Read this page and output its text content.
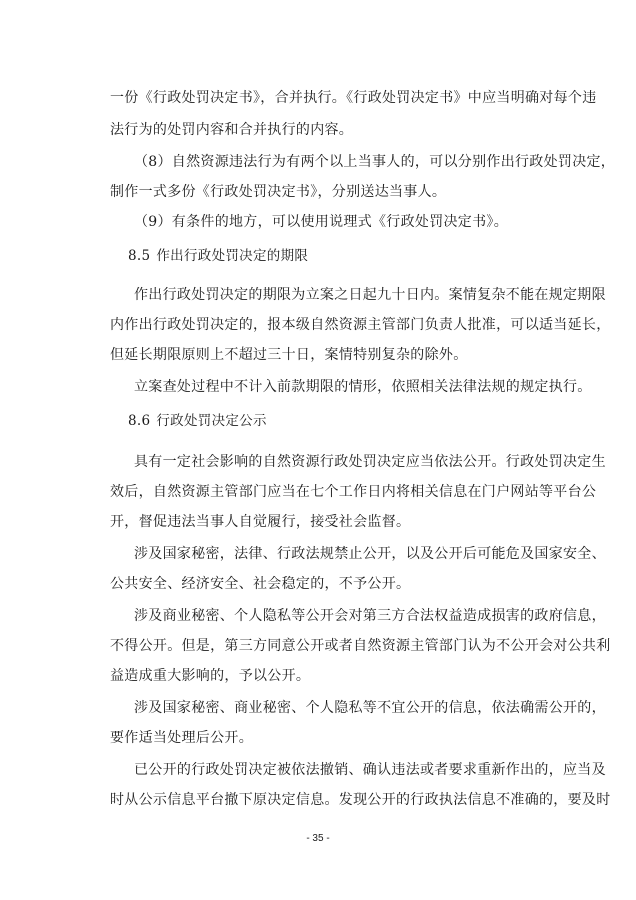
一份《行政处罚决定书》，合并执行。《行政处罚决定书》中应当明确对每个违
法行为的处罚内容和合并执行的内容。
（8）自然资源违法行为有两个以上当事人的，可以分别作出行政处罚决定，
制作一式多份《行政处罚决定书》，分别送达当事人。
（9）有条件的地方，可以使用说理式《行政处罚决定书》。
8.5 作出行政处罚决定的期限
作出行政处罚决定的期限为立案之日起九十日内。案情复杂不能在规定期限
内作出行政处罚决定的，报本级自然资源主管部门负责人批准，可以适当延长，
但延长期限原则上不超过三十日，案情特别复杂的除外。
立案查处过程中不计入前款期限的情形，依照相关法律法规的规定执行。
8.6 行政处罚决定公示
具有一定社会影响的自然资源行政处罚决定应当依法公开。行政处罚决定生
效后，自然资源主管部门应当在七个工作日内将相关信息在门户网站等平台公
开，督促违法当事人自觉履行，接受社会监督。
涉及国家秘密，法律、行政法规禁止公开，以及公开后可能危及国家安全、
公共安全、经济安全、社会稳定的，不予公开。
涉及商业秘密、个人隐私等公开会对第三方合法权益造成损害的政府信息，
不得公开。但是，第三方同意公开或者自然资源主管部门认为不公开会对公共利
益造成重大影响的，予以公开。
涉及国家秘密、商业秘密、个人隐私等不宜公开的信息，依法确需公开的，
要作适当处理后公开。
已公开的行政处罚决定被依法撤销、确认违法或者要求重新作出的，应当及
时从公示信息平台撤下原决定信息。发现公开的行政执法信息不准确的，要及时
- 35 -
